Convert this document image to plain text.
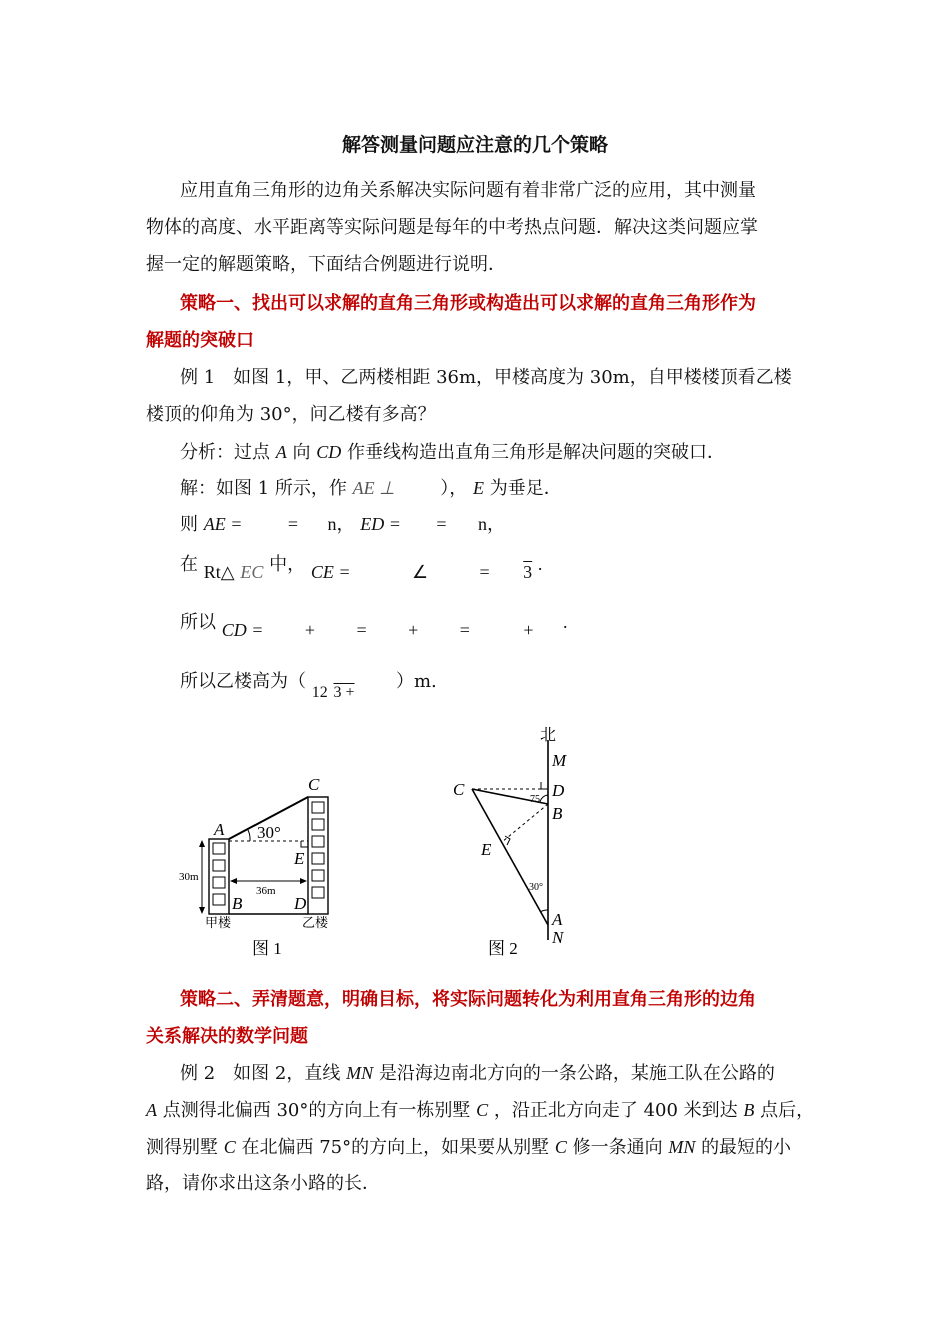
解答测量问题应注意的几个策略
应用直角三角形的边角关系解决实际问题有着非常广泛的应用，其中测量
物体的高度、水平距离等实际问题是每年的中考热点问题．解决这类问题应掌
握一定的解题策略，下面结合例题进行说明．
策略一、找出可以求解的直角三角形或构造出可以求解的直角三角形作为
解题的突破口
例 1　如图 1，甲、乙两楼相距 36m，甲楼高度为 30m，自甲楼楼顶看乙楼
楼顶的仰角为 30°，问乙楼有多高？
分析：过点 A 向 CD 作垂线构造出直角三角形是解决问题的突破口．
解：如图 1 所示，作 AE ⊥	）， E 为垂足．
则 AE =	= n， ED = = n，
在 Rt△ EC 中， CE =	∠	= 3 .
所以 CD = + = + =	+ .
所以乙楼高为（ 12 3 +  ）m.
C
A
E
B	D
30°
30m
36m
甲楼	乙楼
图 1
北
M
C	D
B
E
A
N
75
30°
图 2
策略二、弄清题意，明确目标，将实际问题转化为利用直角三角形的边角
关系解决的数学问题
例 2　如图 2，直线 MN 是沿海边南北方向的一条公路，某施工队在公路的
A 点测得北偏西 30°的方向上有一栋别墅 C ，沿正北方向走了 400 米到达 B 点后，
测得别墅 C 在北偏西 75°的方向上，如果要从别墅 C 修一条通向 MN 的最短的小
路，请你求出这条小路的长．
